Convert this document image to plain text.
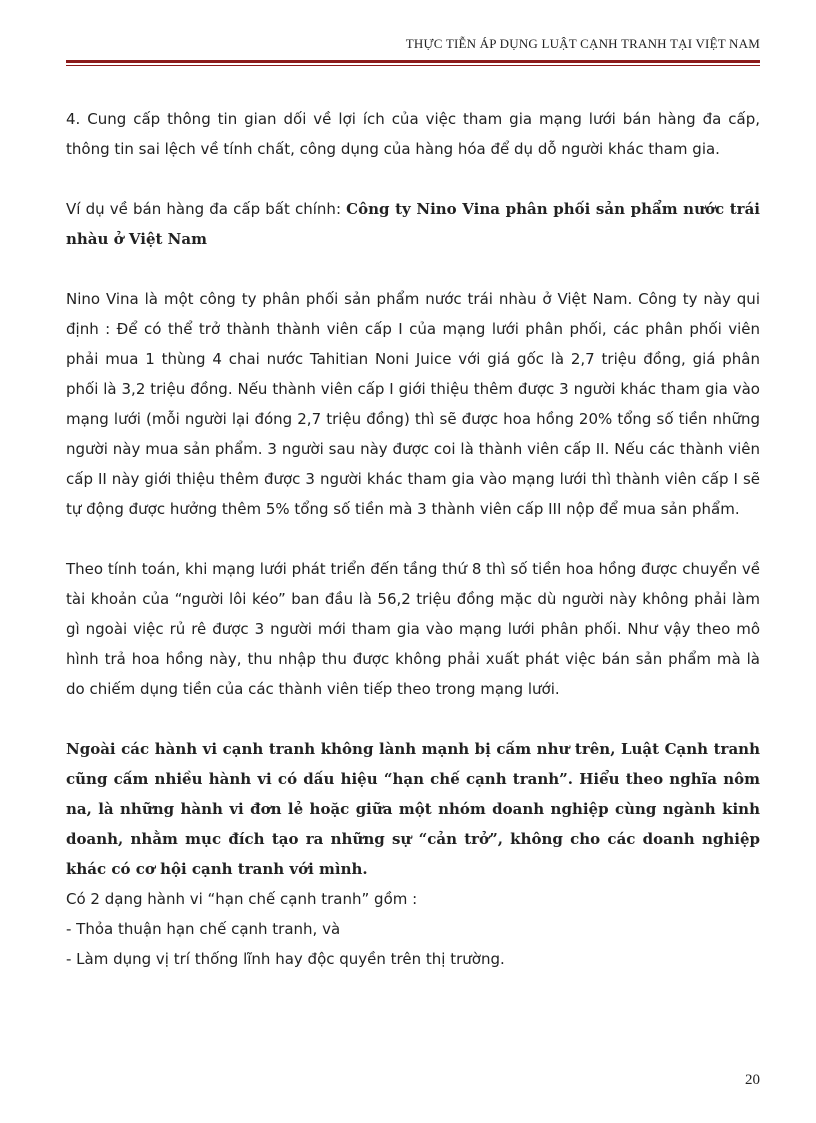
THỰC TIỄN ÁP DỤNG LUẬT CẠNH TRANH TẠI VIỆT NAM

4. Cung cấp thông tin gian dối về lợi ích của việc tham gia mạng lưới bán hàng đa cấp, thông tin sai lệch về tính chất, công dụng của hàng hóa để dụ dỗ người khác tham gia.

Ví dụ về bán hàng đa cấp bất chính: Công ty Nino Vina phân phối sản phẩm nước trái nhàu ở Việt Nam

Nino Vina là một công ty phân phối sản phẩm nước trái nhàu ở Việt Nam. Công ty này qui định : Để có thể trở thành thành viên cấp I của mạng lưới phân phối, các phân phối viên phải mua 1 thùng 4 chai nước Tahitian Noni Juice với giá gốc là 2,7 triệu đồng, giá phân phối là 3,2 triệu đồng. Nếu thành viên cấp I giới thiệu thêm được 3 người khác tham gia vào mạng lưới (mỗi người lại đóng 2,7 triệu đồng) thì sẽ được hoa hồng 20% tổng số tiền những người này mua sản phẩm. 3 người sau này được coi là thành viên cấp II. Nếu các thành viên cấp II này giới thiệu thêm được 3 người khác tham gia vào mạng lưới thì thành viên cấp I sẽ tự động được hưởng thêm 5% tổng số tiền mà 3 thành viên cấp III nộp để mua sản phẩm.

Theo tính toán, khi mạng lưới phát triển đến tầng thứ 8 thì số tiền hoa hồng được chuyển về tài khoản của “người lôi kéo” ban đầu là 56,2 triệu đồng mặc dù người này không phải làm gì ngoài việc rủ rê được 3 người mới tham gia vào mạng lưới phân phối. Như vậy theo mô hình trả hoa hồng này, thu nhập thu được không phải xuất phát việc bán sản phẩm mà là do chiếm dụng tiền của các thành viên tiếp theo trong mạng lưới.

Ngoài các hành vi cạnh tranh không lành mạnh bị cấm như trên, Luật Cạnh tranh cũng cấm nhiều hành vi có dấu hiệu “hạn chế cạnh tranh”. Hiểu theo nghĩa nôm na, là những hành vi đơn lẻ hoặc giữa một nhóm doanh nghiệp cùng ngành kinh doanh, nhằm mục đích tạo ra những sự “cản trở”, không cho các doanh nghiệp khác có cơ hội cạnh tranh với mình.

Có 2 dạng hành vi “hạn chế cạnh tranh” gồm :

- Thỏa thuận hạn chế cạnh tranh, và

- Làm dụng vị trí thống lĩnh hay độc quyền trên thị trường.

20
